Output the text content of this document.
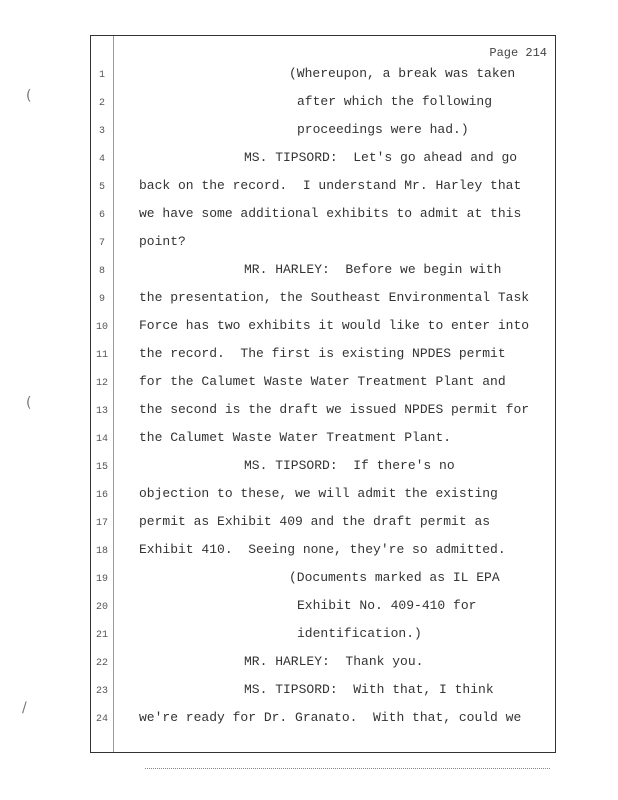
Page 214
1	(Whereupon, a break was taken
2	after which the following
3	proceedings were had.)
4	MS. TIPSORD:  Let's go ahead and go
5	back on the record.  I understand Mr. Harley that
6	we have some additional exhibits to admit at this
7	point?
8	MR. HARLEY:  Before we begin with
9	the presentation, the Southeast Environmental Task
10	Force has two exhibits it would like to enter into
11	the record.  The first is existing NPDES permit
12	for the Calumet Waste Water Treatment Plant and
13	the second is the draft we issued NPDES permit for
14	the Calumet Waste Water Treatment Plant.
15	MS. TIPSORD:  If there's no
16	objection to these, we will admit the existing
17	permit as Exhibit 409 and the draft permit as
18	Exhibit 410.  Seeing none, they're so admitted.
19	(Documents marked as IL EPA
20	Exhibit No. 409-410 for
21	identification.)
22	MR. HARLEY:  Thank you.
23	MS. TIPSORD:  With that, I think
24	we're ready for Dr. Granato.  With that, could we
(
(
/
